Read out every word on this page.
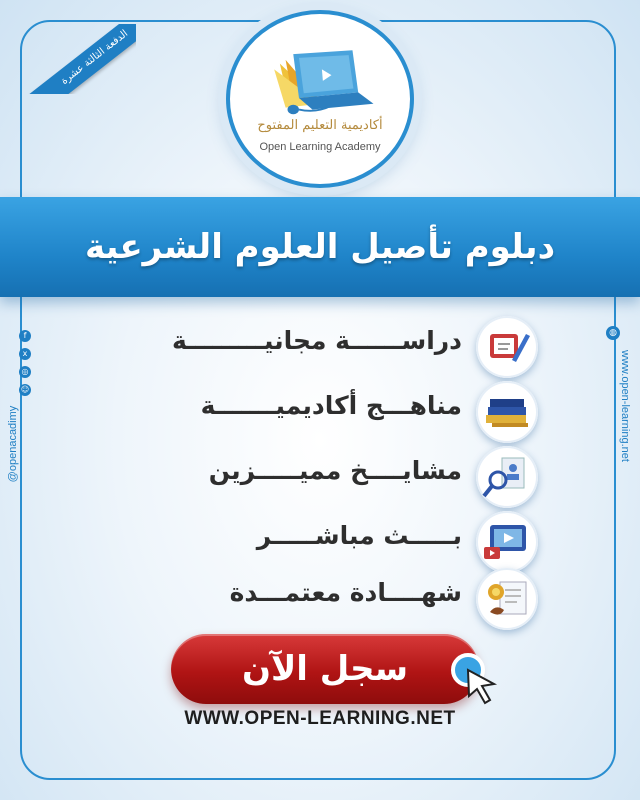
الدفعة الثالثة عشرة
أكاديمية التعليم المفتوح
Open Learning Academy
دبلوم تأصيل العلوم الشرعية
f
x
◎
☺
@openacadimy
◍
www.open-learning.net
دراســــــة مجانيـــــــــة
مناهـــج أكاديميـــــــة
مشايــــخ مميـــــزين
بـــــث مباشـــــر
شهــــادة معتمـــدة
سجل الآن
WWW.OPEN-LEARNING.NET
